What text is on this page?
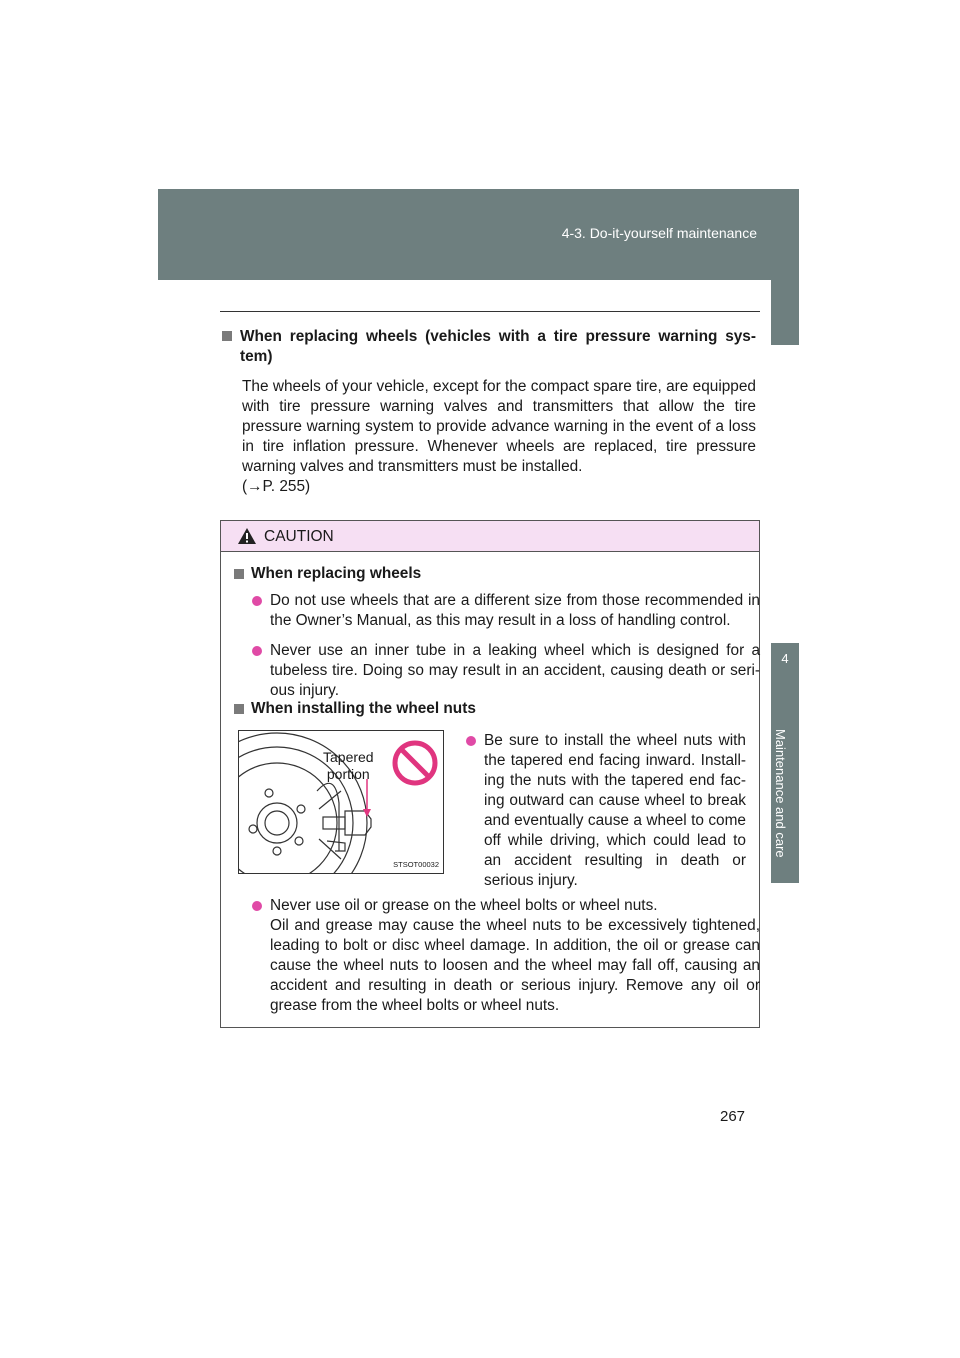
4-3. Do-it-yourself maintenance
4
Maintenance and care
When replacing wheels (vehicles with a tire pressure warning sys-tem)

The wheels of your vehicle, except for the compact spare tire, are equipped with tire pressure warning valves and transmitters that allow the tire pressure warning system to provide advance warning in the event of a loss in tire inflation pressure. Whenever wheels are replaced, tire pressure warning valves and transmitters must be installed.
(→P. 255)

CAUTION
When replacing wheels

Do not use wheels that are a different size from those recommended in the Owner’s Manual, as this may result in a loss of handling control.

Never use an inner tube in a leaking wheel which is designed for a tubeless tire. Doing so may result in an accident, causing death or seri-ous injury.

When installing the wheel nuts
Tapered
portion
STSOT00032

Be sure to install the wheel nuts with the tapered end facing inward. Install-ing the nuts with the tapered end fac-ing outward can cause wheel to break and eventually cause a wheel to come off while driving, which could lead to an accident resulting in death or serious injury.

Never use oil or grease on the wheel bolts or wheel nuts.
Oil and grease may cause the wheel nuts to be excessively tightened, leading to bolt or disc wheel damage. In addition, the oil or grease can cause the wheel nuts to loosen and the wheel may fall off, causing an accident and resulting in death or serious injury. Remove any oil or grease from the wheel bolts or wheel nuts.

267
